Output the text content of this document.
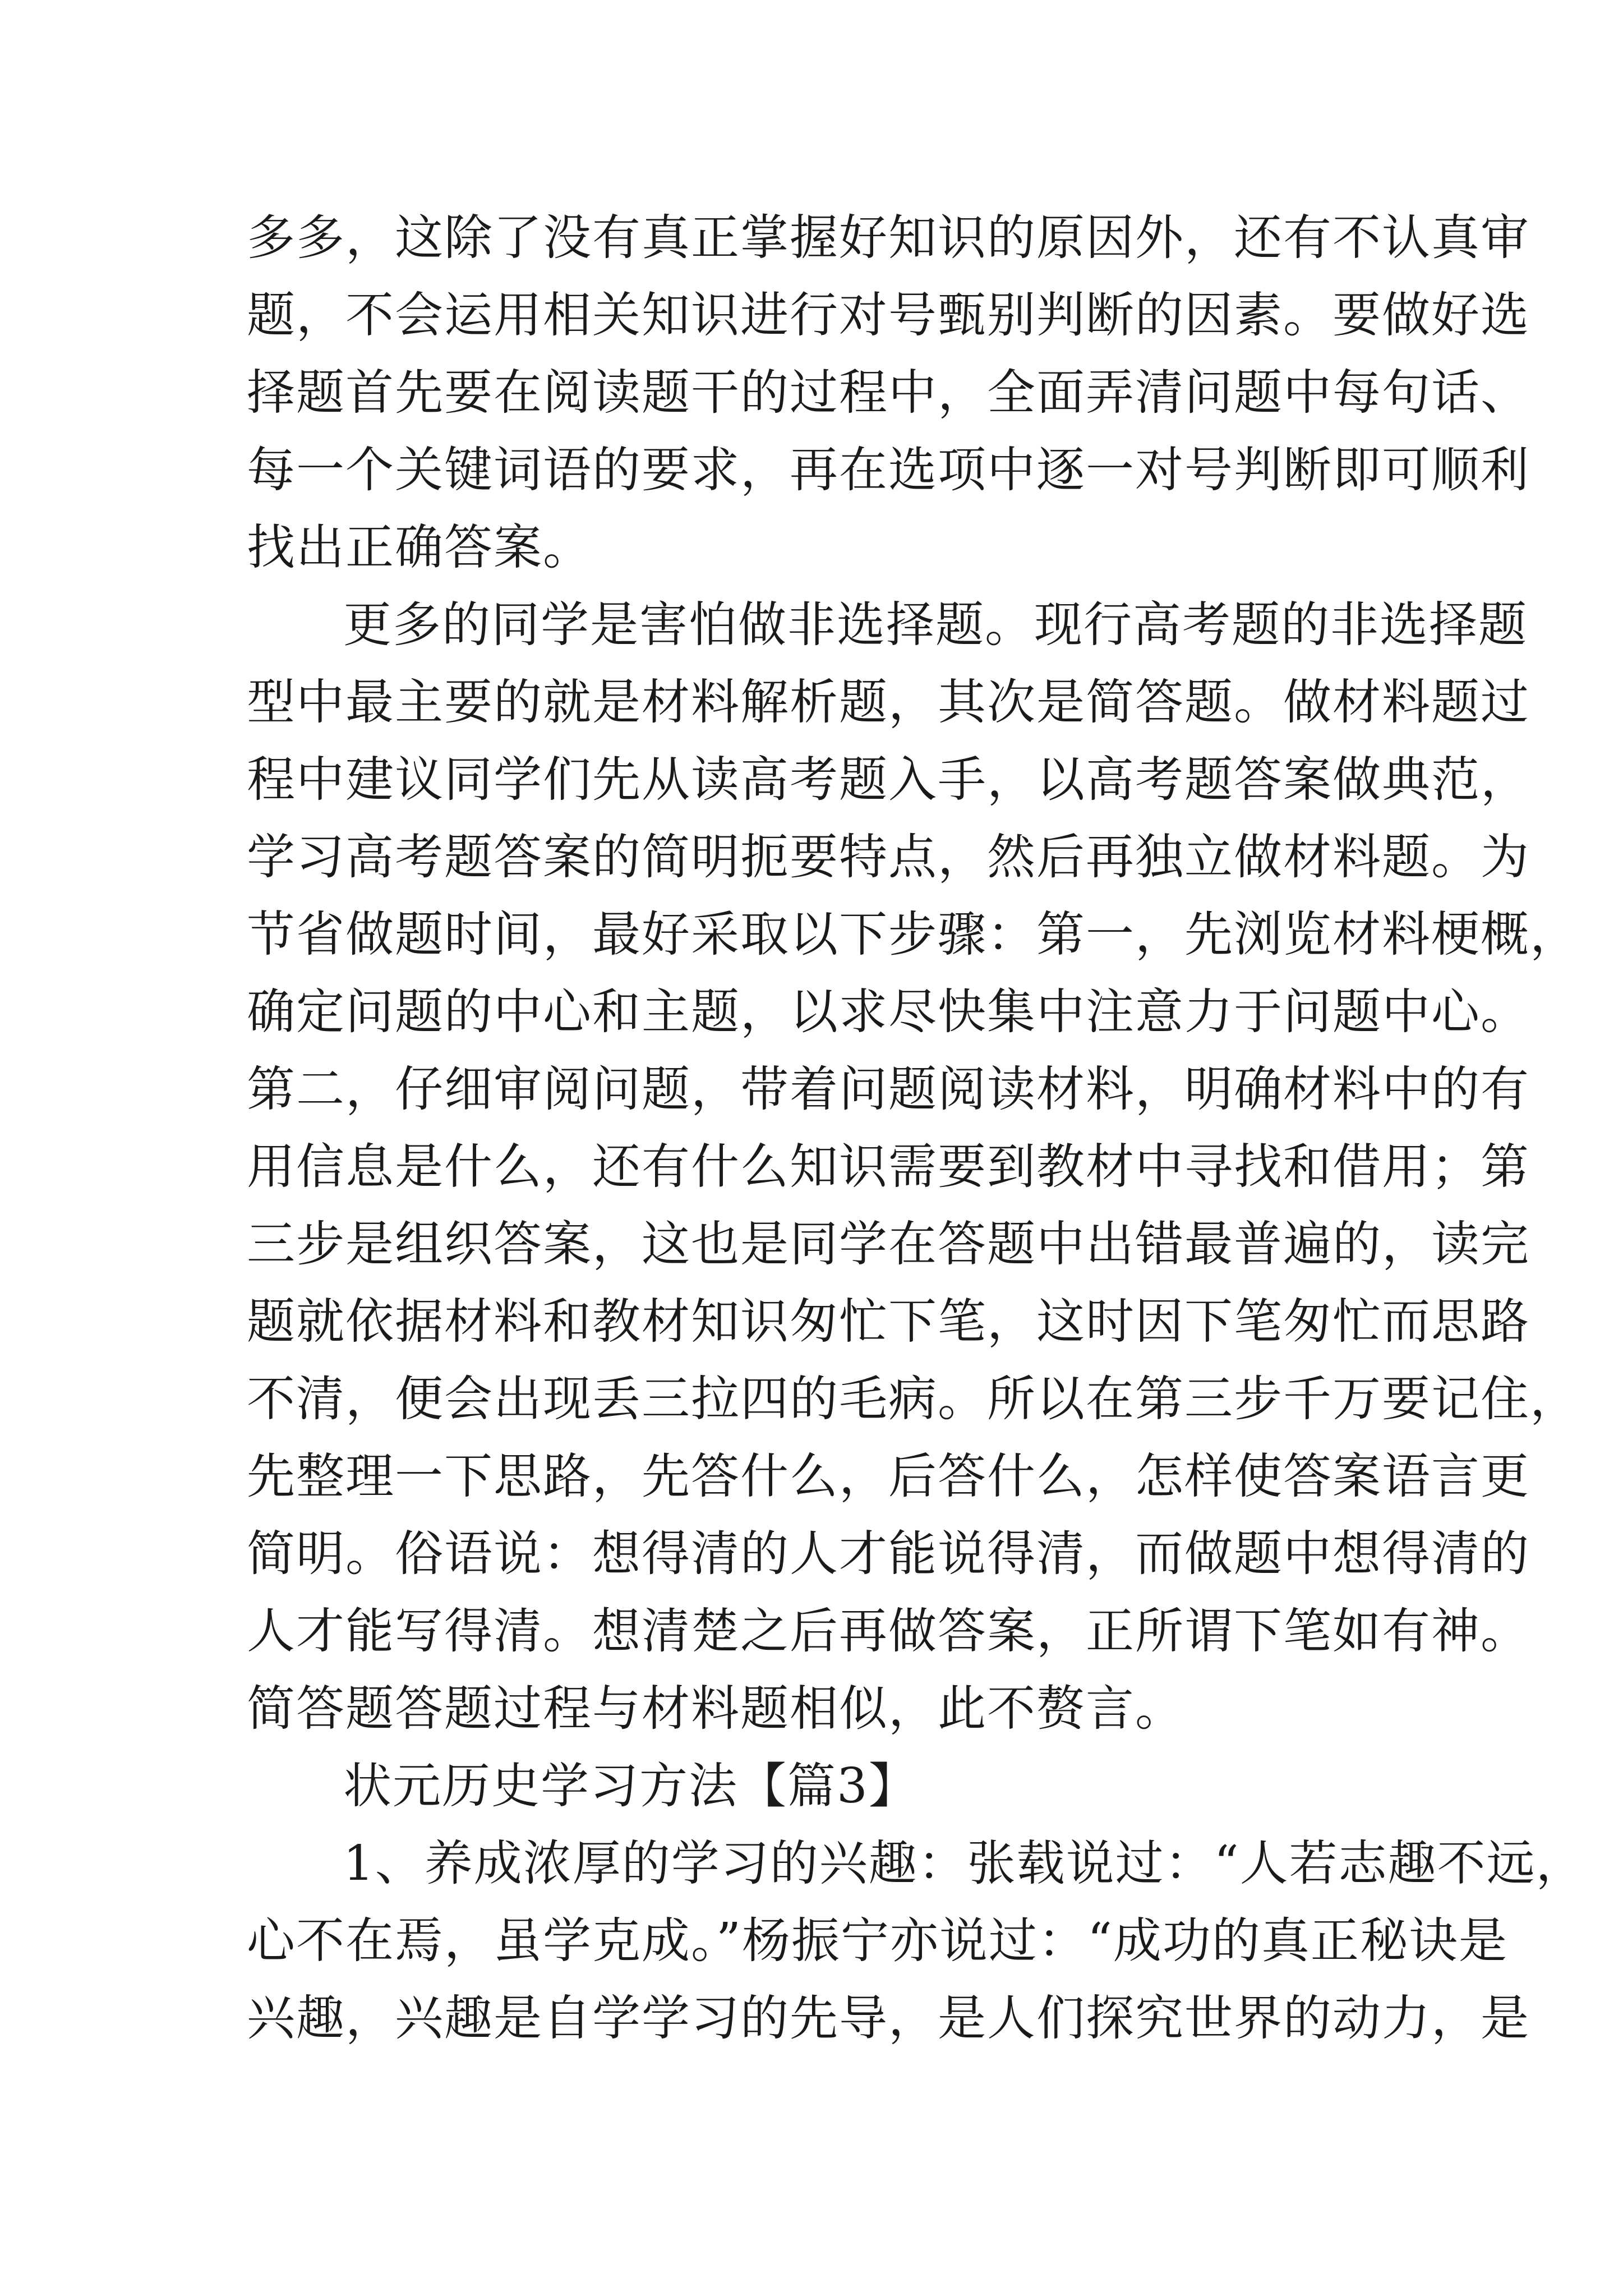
多多，这除了没有真正掌握好知识的原因外，还有不认真审
题，不会运用相关知识进行对号甄别判断的因素。要做好选
择题首先要在阅读题干的过程中，全面弄清问题中每句话、
每一个关键词语的要求，再在选项中逐一对号判断即可顺利
找出正确答案。
更多的同学是害怕做非选择题。现行高考题的非选择题
型中最主要的就是材料解析题，其次是简答题。做材料题过
程中建议同学们先从读高考题入手，以高考题答案做典范，
学习高考题答案的简明扼要特点，然后再独立做材料题。为
节省做题时间，最好采取以下步骤：第一，先浏览材料梗概，
确定问题的中心和主题，以求尽快集中注意力于问题中心。
第二，仔细审阅问题，带着问题阅读材料，明确材料中的有
用信息是什么，还有什么知识需要到教材中寻找和借用；第
三步是组织答案，这也是同学在答题中出错最普遍的，读完
题就依据材料和教材知识匆忙下笔，这时因下笔匆忙而思路
不清，便会出现丢三拉四的毛病。所以在第三步千万要记住，
先整理一下思路，先答什么，后答什么，怎样使答案语言更
简明。俗语说：想得清的人才能说得清，而做题中想得清的
人才能写得清。想清楚之后再做答案，正所谓下笔如有神。
简答题答题过程与材料题相似，此不赘言。
状元历史学习方法【篇3】
1、养成浓厚的学习的兴趣：张载说过：“人若志趣不远，
心不在焉，虽学克成。”杨振宁亦说过：“成功的真正秘诀是
兴趣，兴趣是自学学习的先导，是人们探究世界的动力，是
